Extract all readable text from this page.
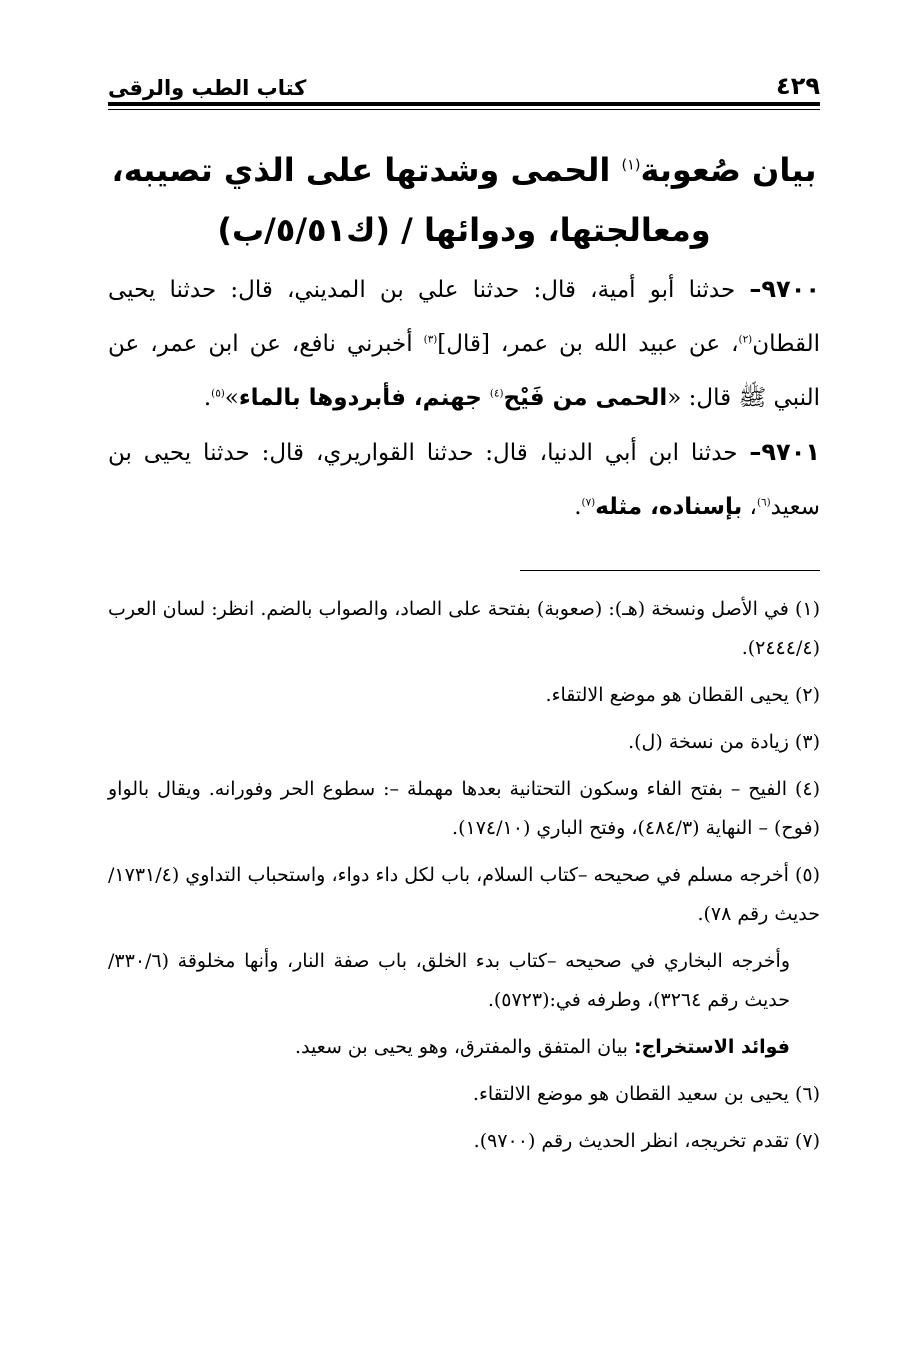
كتاب الطب والرقى	٤٢٩
بيان صُعوبة$^{(١)}$ الحمى وشدتها على الذي تصيبه،
ومعالجتها، ودوائها / (ك٥/٥١/ب)

٩٧٠٠– حدثنا أبو أمية، قال: حدثنا علي بن المديني، قال: حدثنا يحيى القطان$^{(٢)}$، عن عبيد الله بن عمر، [قال]$^{(٣)}$ أخبرني نافع، عن ابن عمر، عن النبي ﷺ قال: «الحمى من فَيْح$^{(٤)}$ جهنم، فأبردوها بالماء»$^{(٥)}$.

٩٧٠١– حدثنا ابن أبي الدنيا، قال: حدثنا القواريري، قال: حدثنا يحيى بن سعيد$^{(٦)}$، بإسناده، مثله$^{(٧)}$.

(١) في الأصل ونسخة (هـ): (صعوبة) بفتحة على الصاد، والصواب بالضم. انظر: لسان العرب (٢٤٤٤/٤).

(٢) يحيى القطان هو موضع الالتقاء.

(٣) زيادة من نسخة (ل).

(٤) الفيح – بفتح الفاء وسكون التحتانية بعدها مهملة –: سطوع الحر وفورانه. ويقال بالواو (فوح) – النهاية (٤٨٤/٣)، وفتح الباري (١٧٤/١٠).

(٥) أخرجه مسلم في صحيحه –كتاب السلام، باب لكل داء دواء، واستحباب التداوي (١٧٣١/٤/حديث رقم ٧٨).

وأخرجه البخاري في صحيحه –كتاب بدء الخلق، باب صفة النار، وأنها مخلوقة (٣٣٠/٦/حديث رقم ٣٢٦٤)، وطرفه في:(٥٧٢٣).

فوائد الاستخراج: بيان المتفق والمفترق، وهو يحيى بن سعيد.

(٦) يحيى بن سعيد القطان هو موضع الالتقاء.

(٧) تقدم تخريجه، انظر الحديث رقم (٩٧٠٠).
